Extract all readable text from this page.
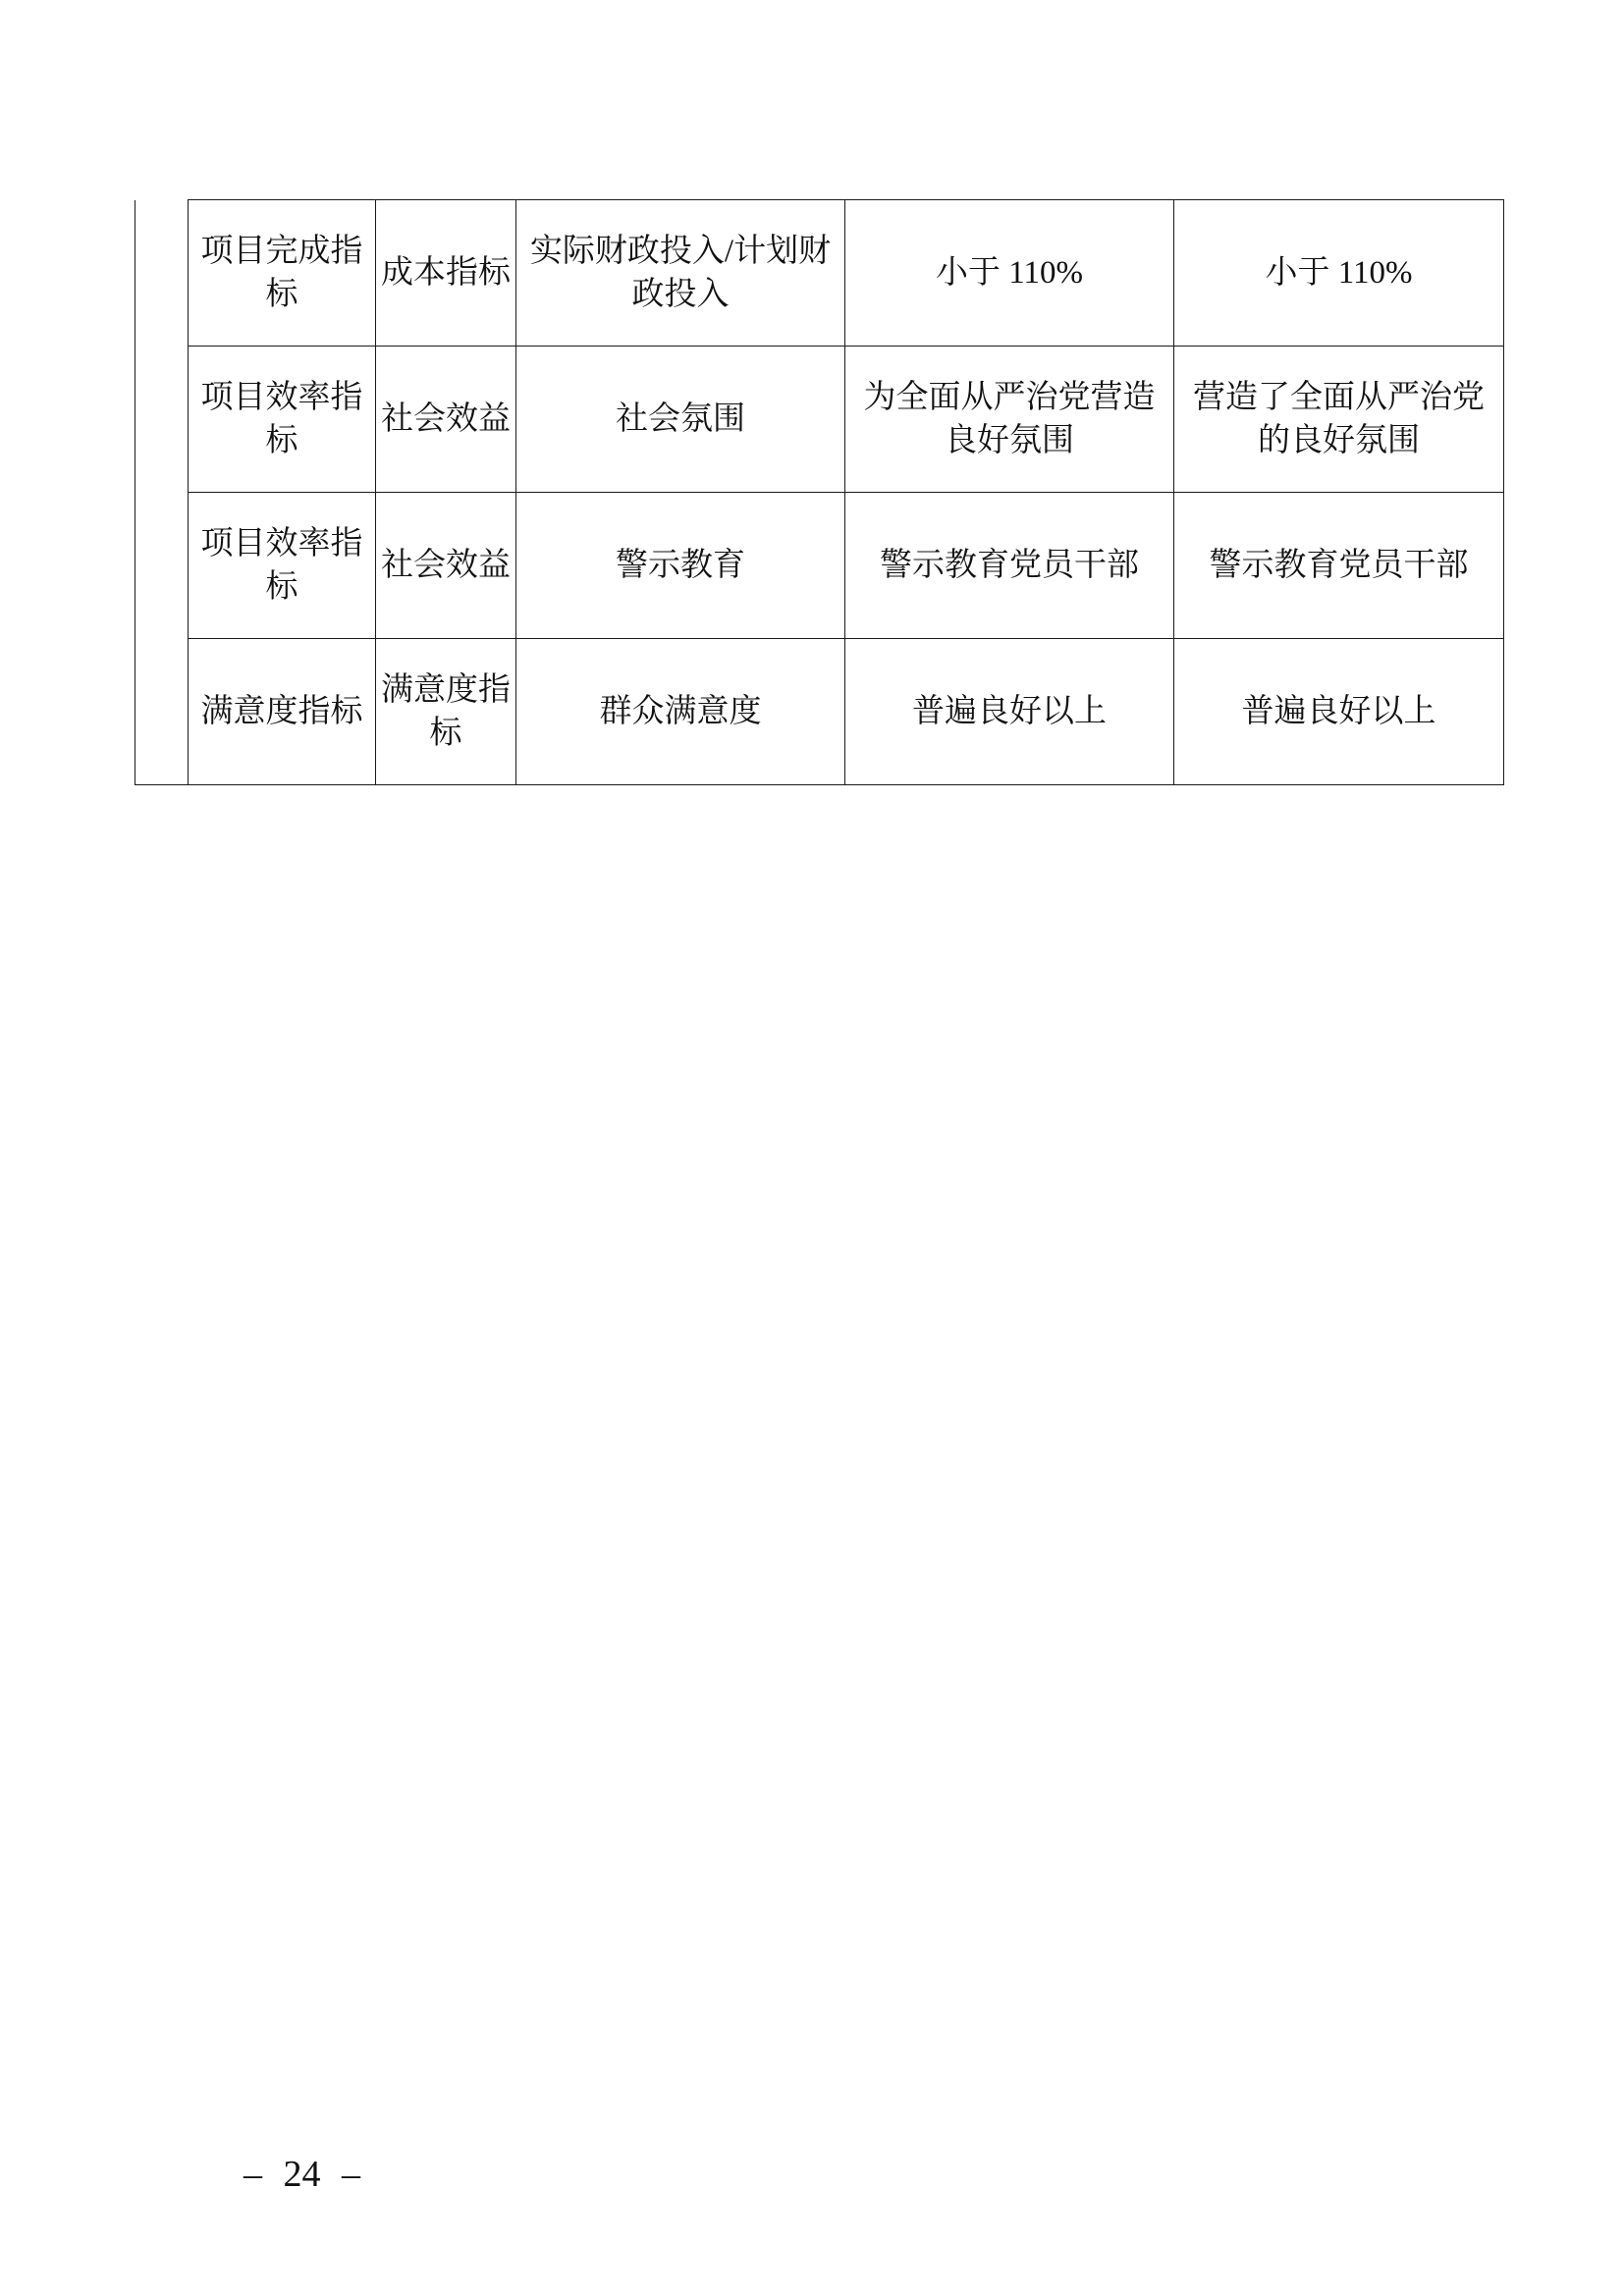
	项目完成指标	成本指标	实际财政投入/计划财政投入	小于 110%	小于 110%
	项目效率指标	社会效益	社会氛围	为全面从严治党营造良好氛围	营造了全面从严治党的良好氛围
	项目效率指标	社会效益	警示教育	警示教育党员干部	警示教育党员干部
	满意度指标	满意度指标	群众满意度	普遍良好以上	普遍良好以上
– 24 –
